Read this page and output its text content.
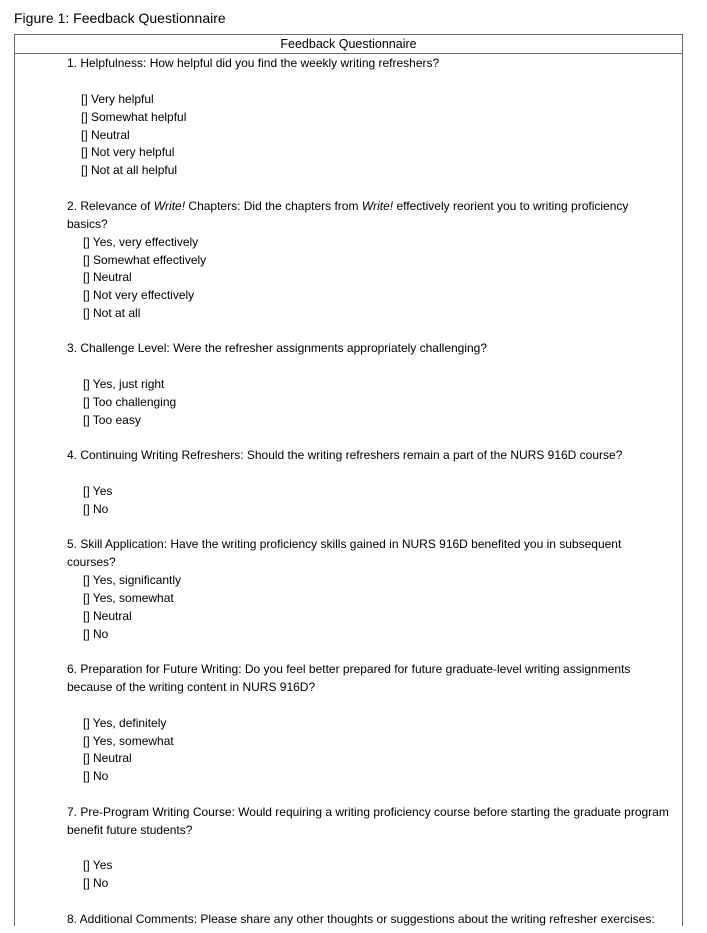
Figure 1: Feedback Questionnaire
Feedback Questionnaire
1. Helpfulness: How helpful did you find the weekly writing refreshers?
[] Very helpful
[] Somewhat helpful
[] Neutral
[] Not very helpful
[] Not at all helpful
2. Relevance of Write! Chapters: Did the chapters from Write! effectively reorient you to writing proficiency basics?
[] Yes, very effectively
[] Somewhat effectively
[] Neutral
[] Not very effectively
[] Not at all
3. Challenge Level: Were the refresher assignments appropriately challenging?
[] Yes, just right
[] Too challenging
[] Too easy
4. Continuing Writing Refreshers: Should the writing refreshers remain a part of the NURS 916D course?
[] Yes
[] No
5. Skill Application: Have the writing proficiency skills gained in NURS 916D benefited you in subsequent courses?
[] Yes, significantly
[] Yes, somewhat
[] Neutral
[] No
6. Preparation for Future Writing: Do you feel better prepared for future graduate-level writing assignments because of the writing content in NURS 916D?
[] Yes, definitely
[] Yes, somewhat
[] Neutral
[] No
7. Pre-Program Writing Course: Would requiring a writing proficiency course before starting the graduate program benefit future students?
[] Yes
[] No
8. Additional Comments: Please share any other thoughts or suggestions about the writing refresher exercises:
